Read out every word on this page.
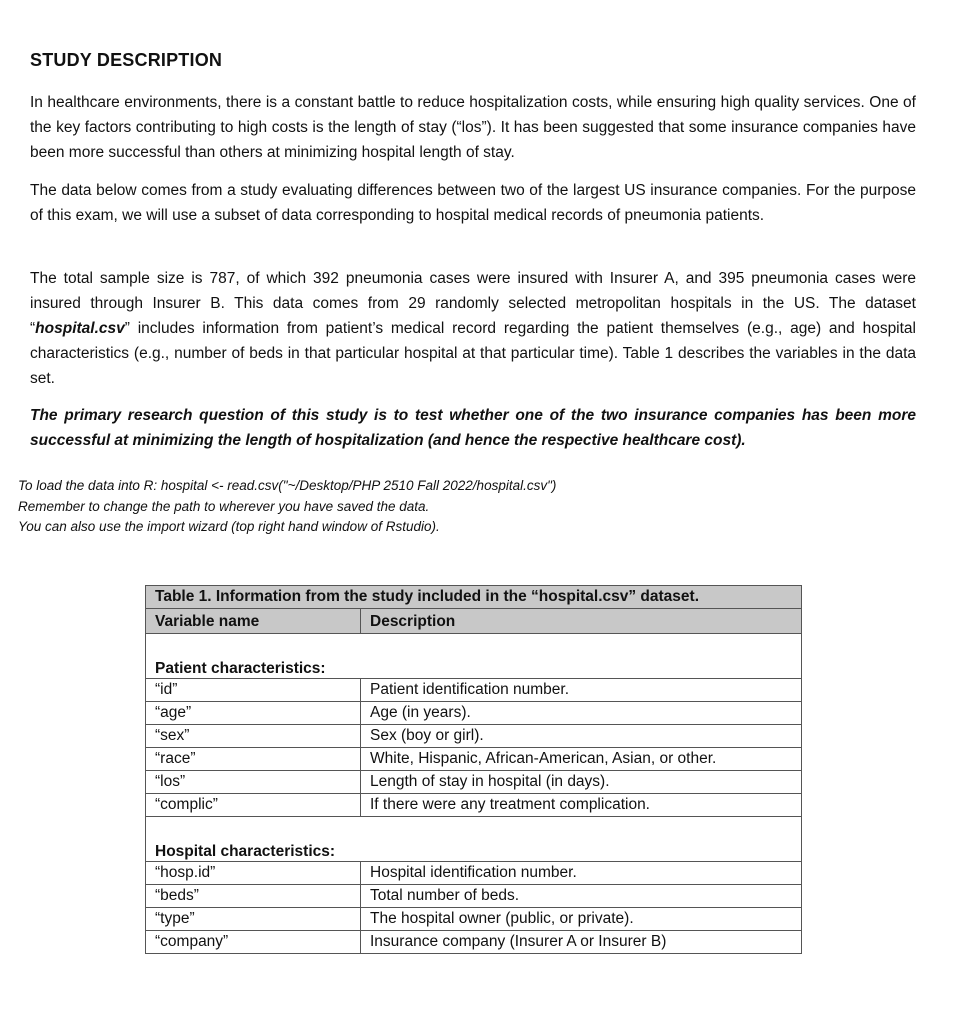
STUDY DESCRIPTION

In healthcare environments, there is a constant battle to reduce hospitalization costs, while ensuring high quality services. One of the key factors contributing to high costs is the length of stay (“los”). It has been suggested that some insurance companies have been more successful than others at minimizing hospital length of stay.

The data below comes from a study evaluating differences between two of the largest US insurance companies. For the purpose of this exam, we will use a subset of data corresponding to hospital medical records of pneumonia patients.

The total sample size is 787, of which 392 pneumonia cases were insured with Insurer A, and 395 pneumonia cases were insured through Insurer B. This data comes from 29 randomly selected metropolitan hospitals in the US. The dataset “hospital.csv” includes information from patient’s medical record regarding the patient themselves (e.g., age) and hospital characteristics (e.g., number of beds in that particular hospital at that particular time). Table 1 describes the variables in the data set.

The primary research question of this study is to test whether one of the two insurance companies has been more successful at minimizing the length of hospitalization (and hence the respective healthcare cost).

To load the data into R: hospital <- read.csv("~/Desktop/PHP 2510 Fall 2022/hospital.csv")

Remember to change the path to wherever you have saved the data.

You can also use the import wizard (top right hand window of Rstudio).

Table 1. Information from the study included in the “hospital.csv” dataset.	
Variable name	Description
Patient characteristics:	
“id”	Patient identification number.
“age”	Age (in years).
“sex”	Sex (boy or girl).
“race”	White, Hispanic, African-American, Asian, or other.
“los”	Length of stay in hospital (in days).
“complic”	If there were any treatment complication.
Hospital characteristics:	
“hosp.id”	Hospital identification number.
“beds”	Total number of beds.
“type”	The hospital owner (public, or private).
“company”	Insurance company (Insurer A or Insurer B)
